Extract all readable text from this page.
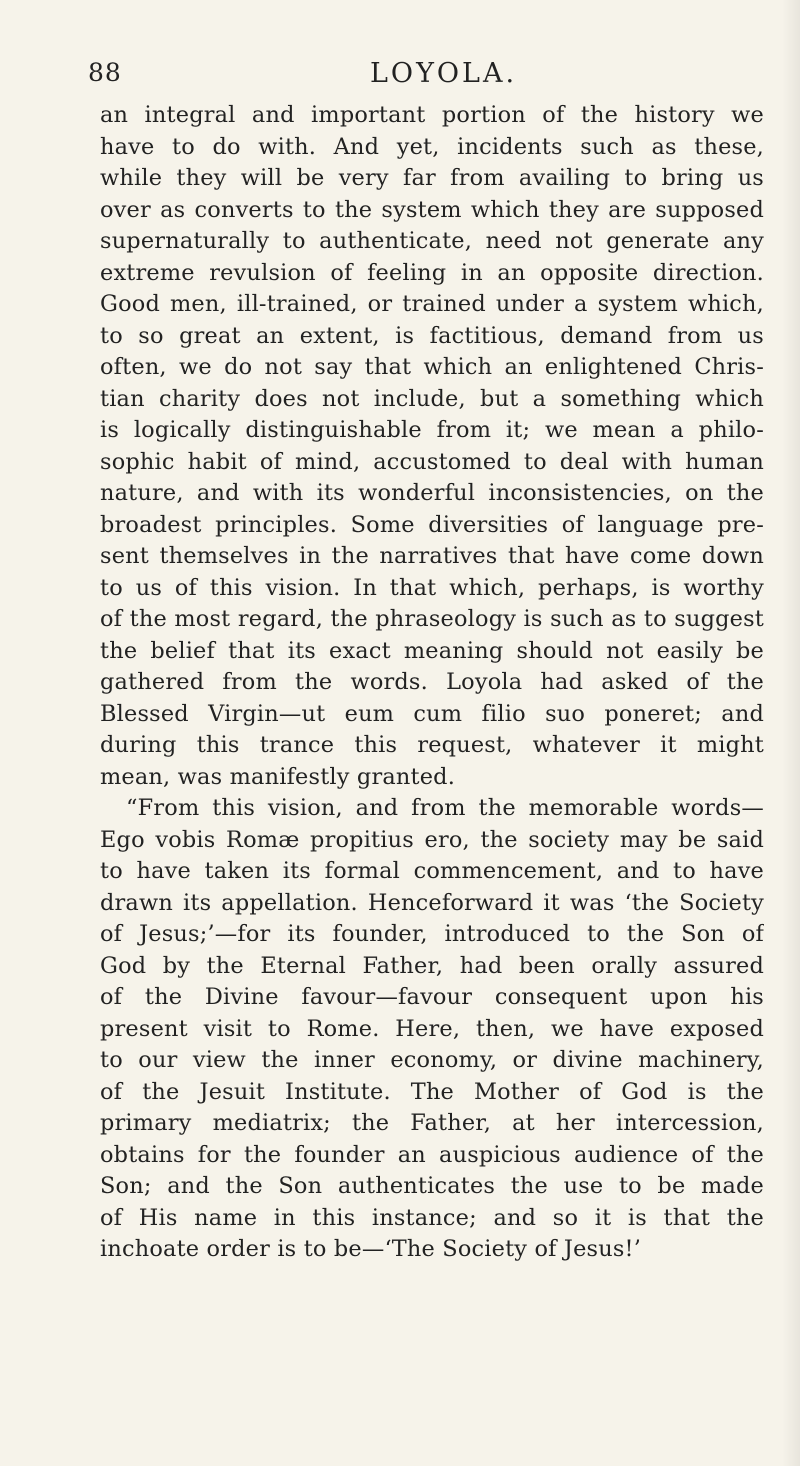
88	LOYOLA.
an integral and important portion of the history we
have to do with. And yet, incidents such as these,
while they will be very far from availing to bring us
over as converts to the system which they are supposed
supernaturally to authenticate, need not generate any
extreme revulsion of feeling in an opposite direction.
Good men, ill-trained, or trained under a system which,
to so great an extent, is factitious, demand from us
often, we do not say that which an enlightened Chris-
tian charity does not include, but a something which
is logically distinguishable from it; we mean a philo-
sophic habit of mind, accustomed to deal with human
nature, and with its wonderful inconsistencies, on the
broadest principles. Some diversities of language pre-
sent themselves in the narratives that have come down
to us of this vision. In that which, perhaps, is worthy
of the most regard, the phraseology is such as to suggest
the belief that its exact meaning should not easily be
gathered from the words. Loyola had asked of the
Blessed Virgin—ut eum cum filio suo poneret; and
during this trance this request, whatever it might
mean, was manifestly granted.
“From this vision, and from the memorable words—
Ego vobis Romæ propitius ero, the society may be said
to have taken its formal commencement, and to have
drawn its appellation. Henceforward it was ‘the Society
of Jesus;’—for its founder, introduced to the Son of
God by the Eternal Father, had been orally assured
of the Divine favour—favour consequent upon his
present visit to Rome. Here, then, we have exposed
to our view the inner economy, or divine machinery,
of the Jesuit Institute. The Mother of God is the
primary mediatrix; the Father, at her intercession,
obtains for the founder an auspicious audience of the
Son; and the Son authenticates the use to be made
of His name in this instance; and so it is that the
inchoate order is to be—‘The Society of Jesus!’
